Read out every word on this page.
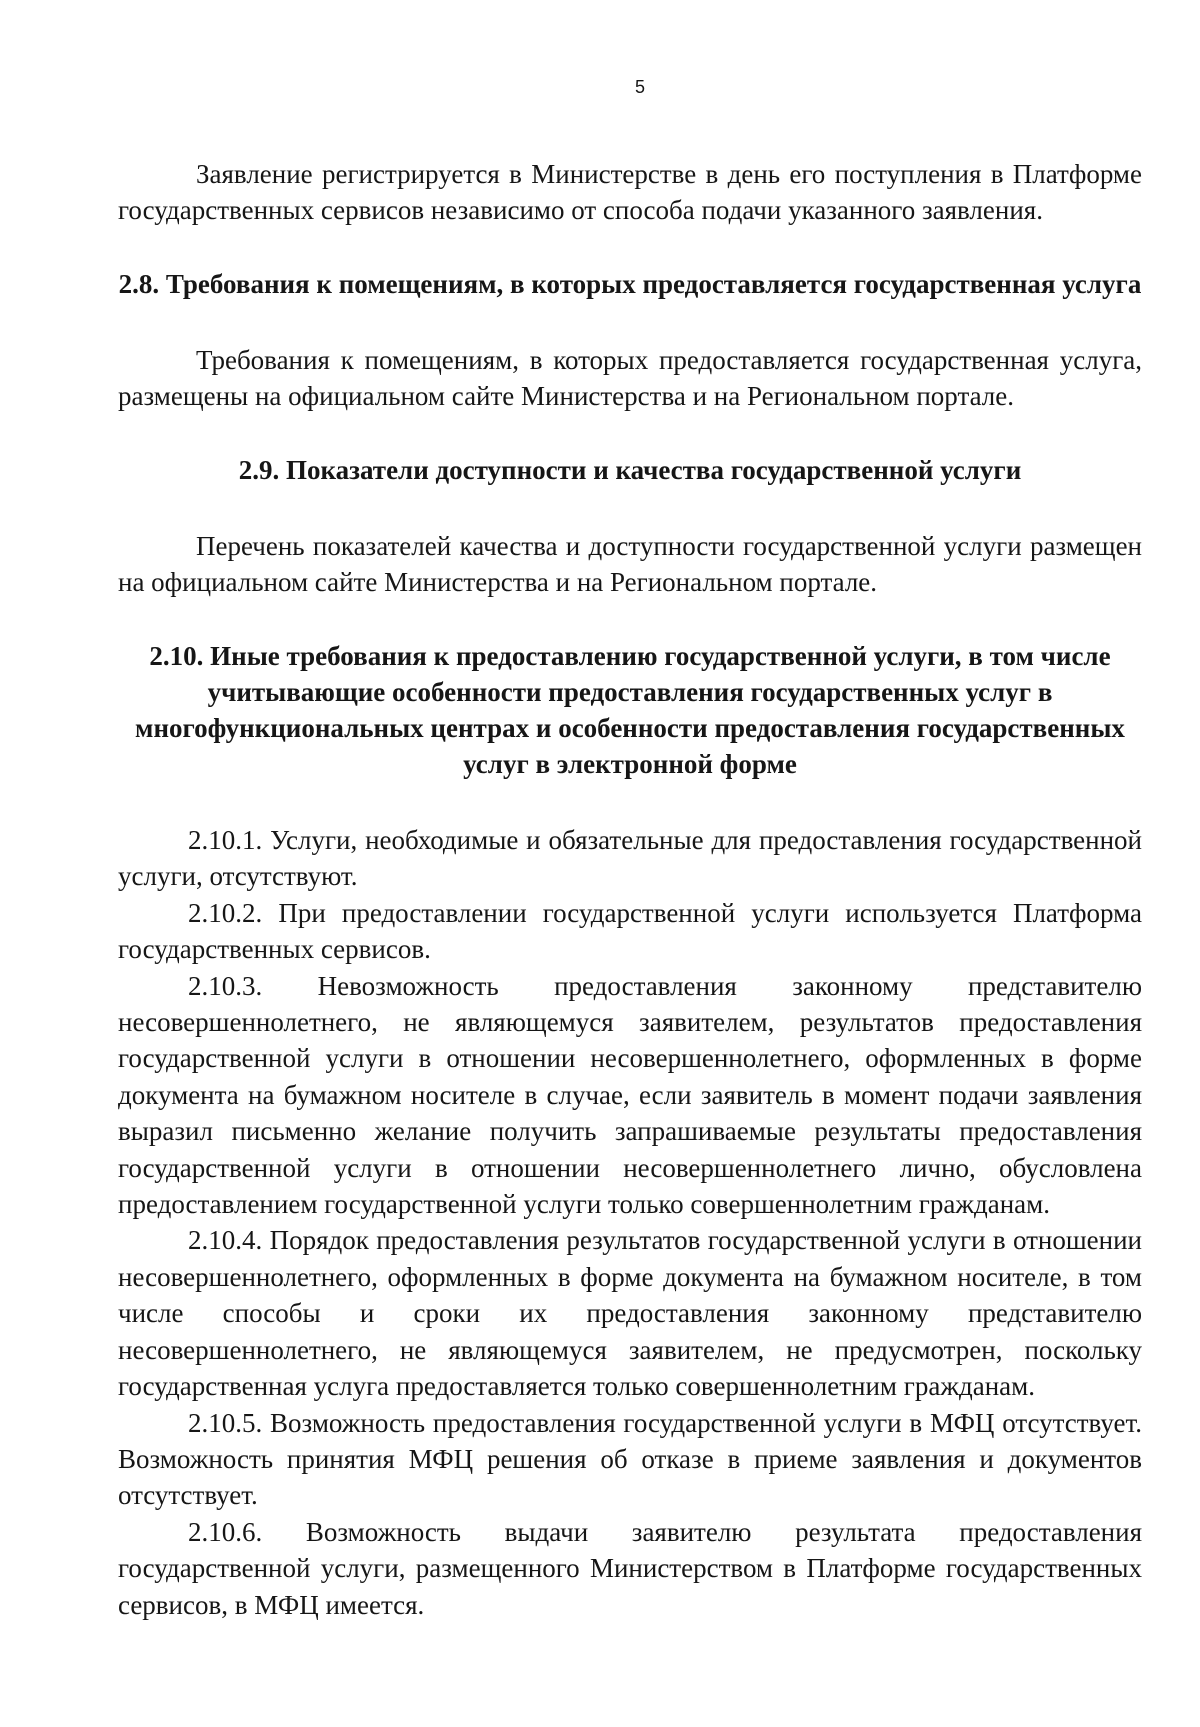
5

Заявление регистрируется в Министерстве в день его поступления в Платформе государственных сервисов независимо от способа подачи указанного заявления.

2.8. Требования к помещениям, в которых предоставляется государственная услуга

Требования к помещениям, в которых предоставляется государственная услуга, размещены на официальном сайте Министерства и на Региональном портале.

2.9. Показатели доступности и качества государственной услуги

Перечень показателей качества и доступности государственной услуги размещен на официальном сайте Министерства и на Региональном портале.

2.10. Иные требования к предоставлению государственной услуги, в том числе учитывающие особенности предоставления государственных услуг в многофункциональных центрах и особенности предоставления государственных услуг в электронной форме

2.10.1. Услуги, необходимые и обязательные для предоставления государственной услуги, отсутствуют.

2.10.2. При предоставлении государственной услуги используется Платформа государственных сервисов.

2.10.3. Невозможность предоставления законному представителю несовершеннолетнего, не являющемуся заявителем, результатов предоставления государственной услуги в отношении несовершеннолетнего, оформленных в форме документа на бумажном носителе в случае, если заявитель в момент подачи заявления выразил письменно желание получить запрашиваемые результаты предоставления государственной услуги в отношении несовершеннолетнего лично, обусловлена предоставлением государственной услуги только совершеннолетним гражданам.

2.10.4. Порядок предоставления результатов государственной услуги в отношении несовершеннолетнего, оформленных в форме документа на бумажном носителе, в том числе способы и сроки их предоставления законному представителю несовершеннолетнего, не являющемуся заявителем, не предусмотрен, поскольку государственная услуга предоставляется только совершеннолетним гражданам.

2.10.5. Возможность предоставления государственной услуги в МФЦ отсутствует. Возможность принятия МФЦ решения об отказе в приеме заявления и документов отсутствует.

2.10.6. Возможность выдачи заявителю результата предоставления государственной услуги, размещенного Министерством в Платформе государственных сервисов, в МФЦ имеется.
